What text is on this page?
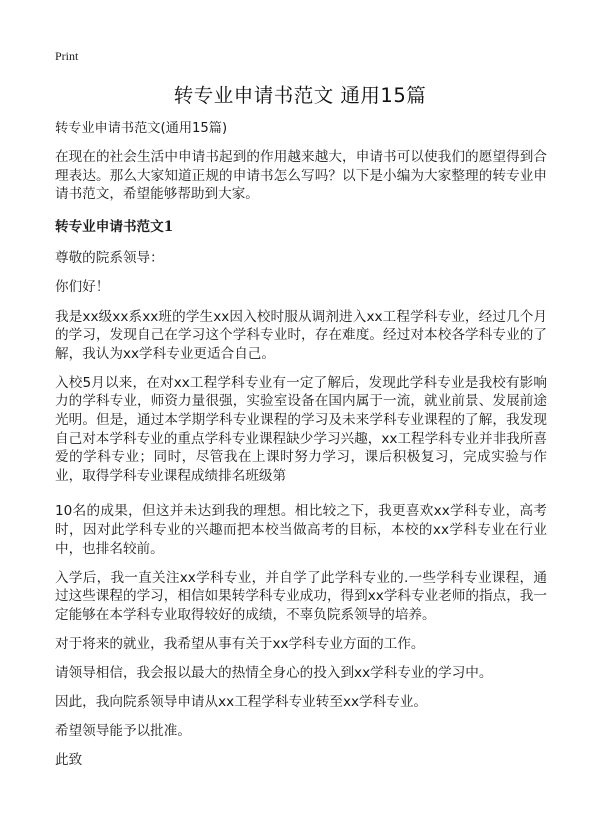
Print
转专业申请书范文 通用15篇
转专业申请书范文(通用15篇)

在现在的社会生活中申请书起到的作用越来越大，申请书可以使我们的愿望得到合理表达。那么大家知道正规的申请书怎么写吗？以下是小编为大家整理的转专业申请书范文，希望能够帮助到大家。

转专业申请书范文1

尊敬的院系领导：

你们好！

我是xx级xx系xx班的学生xx因入校时服从调剂进入xx工程学科专业，经过几个月的学习，发现自己在学习这个学科专业时，存在难度。经过对本校各学科专业的了解，我认为xx学科专业更适合自己。

入校5月以来，在对xx工程学科专业有一定了解后，发现此学科专业是我校有影响力的学科专业，师资力量很强，实验室设备在国内属于一流，就业前景、发展前途光明。但是，通过本学期学科专业课程的学习及未来学科专业课程的了解，我发现自己对本学科专业的重点学科专业课程缺少学习兴趣，xx工程学科专业并非我所喜爱的学科专业；同时，尽管我在上课时努力学习，课后积极复习，完成实验与作业，取得学科专业课程成绩排名班级第

10名的成果，但这并未达到我的理想。相比较之下，我更喜欢xx学科专业，高考时，因对此学科专业的兴趣而把本校当做高考的目标，本校的xx学科专业在行业中，也排名较前。

入学后，我一直关注xx学科专业，并自学了此学科专业的.一些学科专业课程，通过这些课程的学习，相信如果转学科专业成功，得到xx学科专业老师的指点，我一定能够在本学科专业取得较好的成绩，不辜负院系领导的培养。

对于将来的就业，我希望从事有关于xx学科专业方面的工作。

请领导相信，我会报以最大的热情全身心的投入到xx学科专业的学习中。

因此，我向院系领导申请从xx工程学科专业转至xx学科专业。

希望领导能予以批准。

此致
